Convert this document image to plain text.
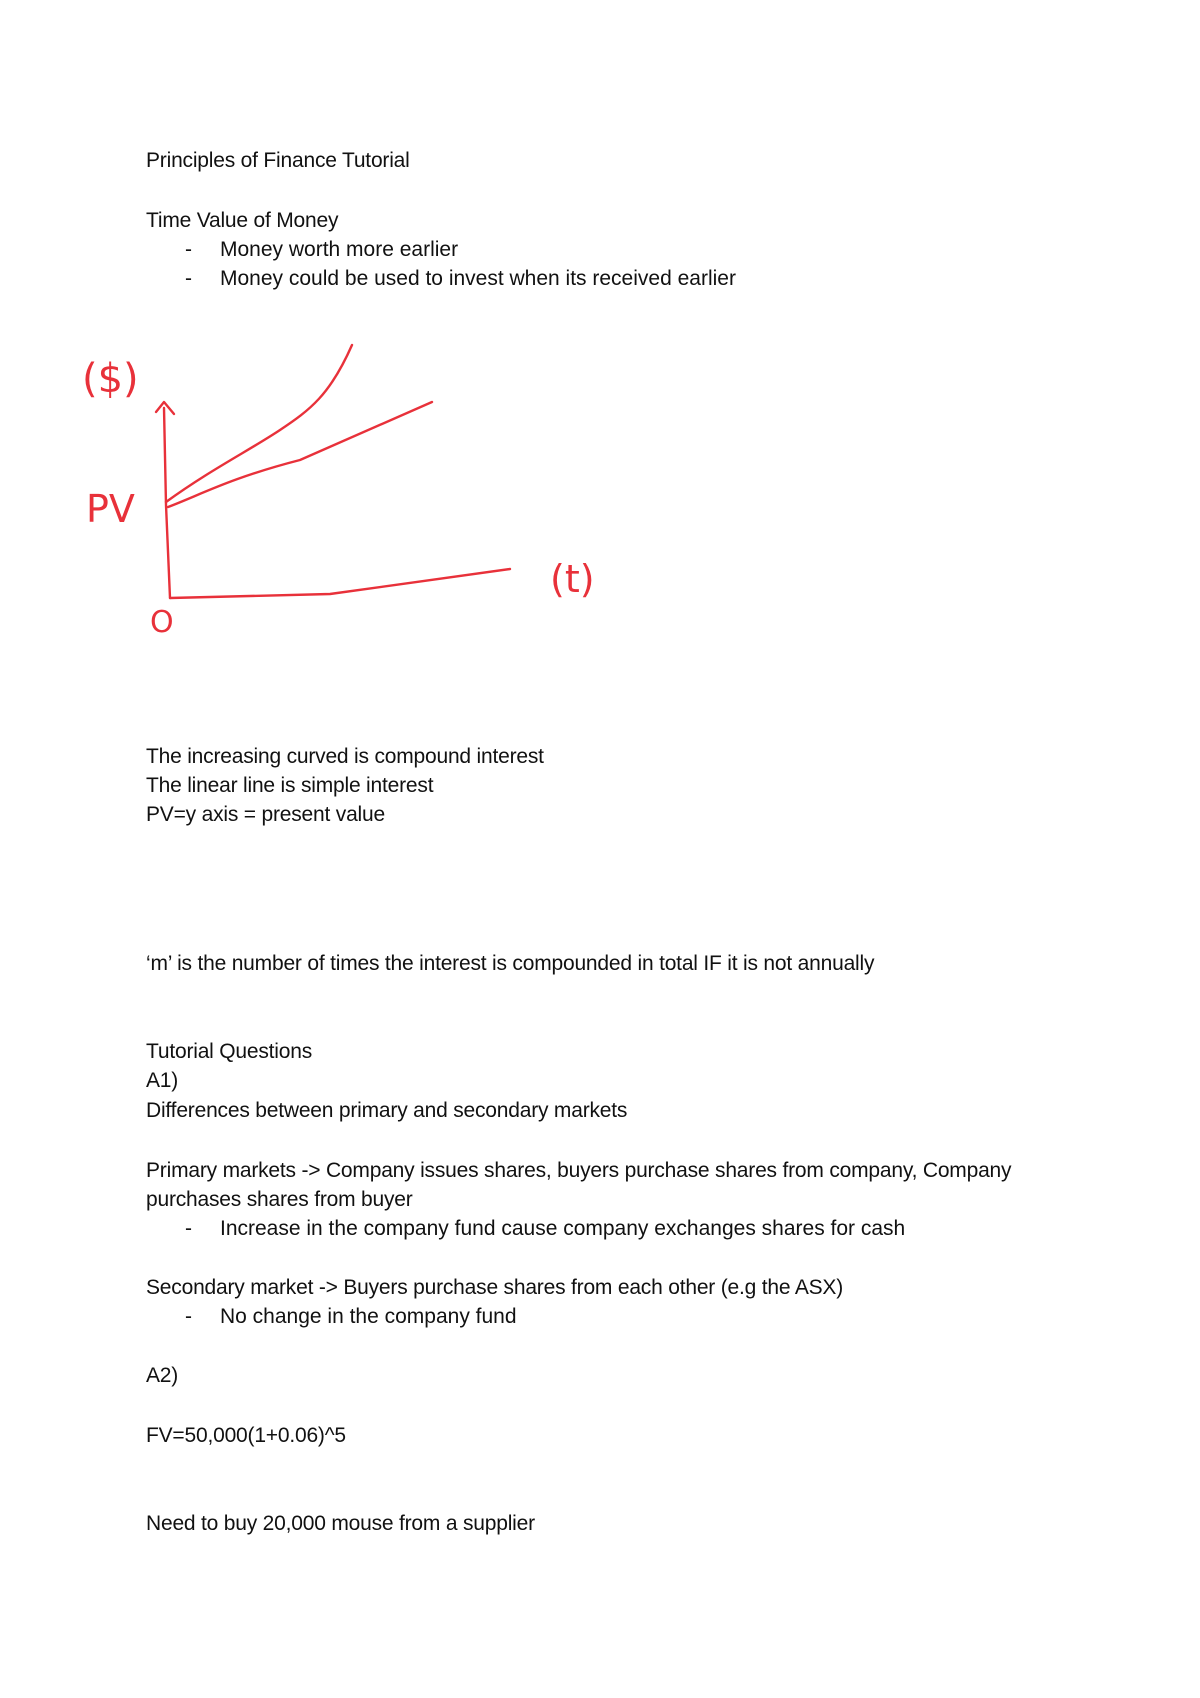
Principles of Finance Tutorial
Time Value of Money
- Money worth more earlier
- Money could be used to invest when its received earlier
($)
PV
O
(t)
The increasing curved is compound interest
The linear line is simple interest
PV=y axis = present value
‘m’ is the number of times the interest is compounded in total IF it is not annually
Tutorial Questions
A1)
Differences between primary and secondary markets
Primary markets -> Company issues shares, buyers purchase shares from company, Company
purchases shares from buyer
- Increase in the company fund cause company exchanges shares for cash
Secondary market -> Buyers purchase shares from each other (e.g the ASX)
- No change in the company fund
A2)
FV=50,000(1+0.06)^5
Need to buy 20,000 mouse from a supplier
